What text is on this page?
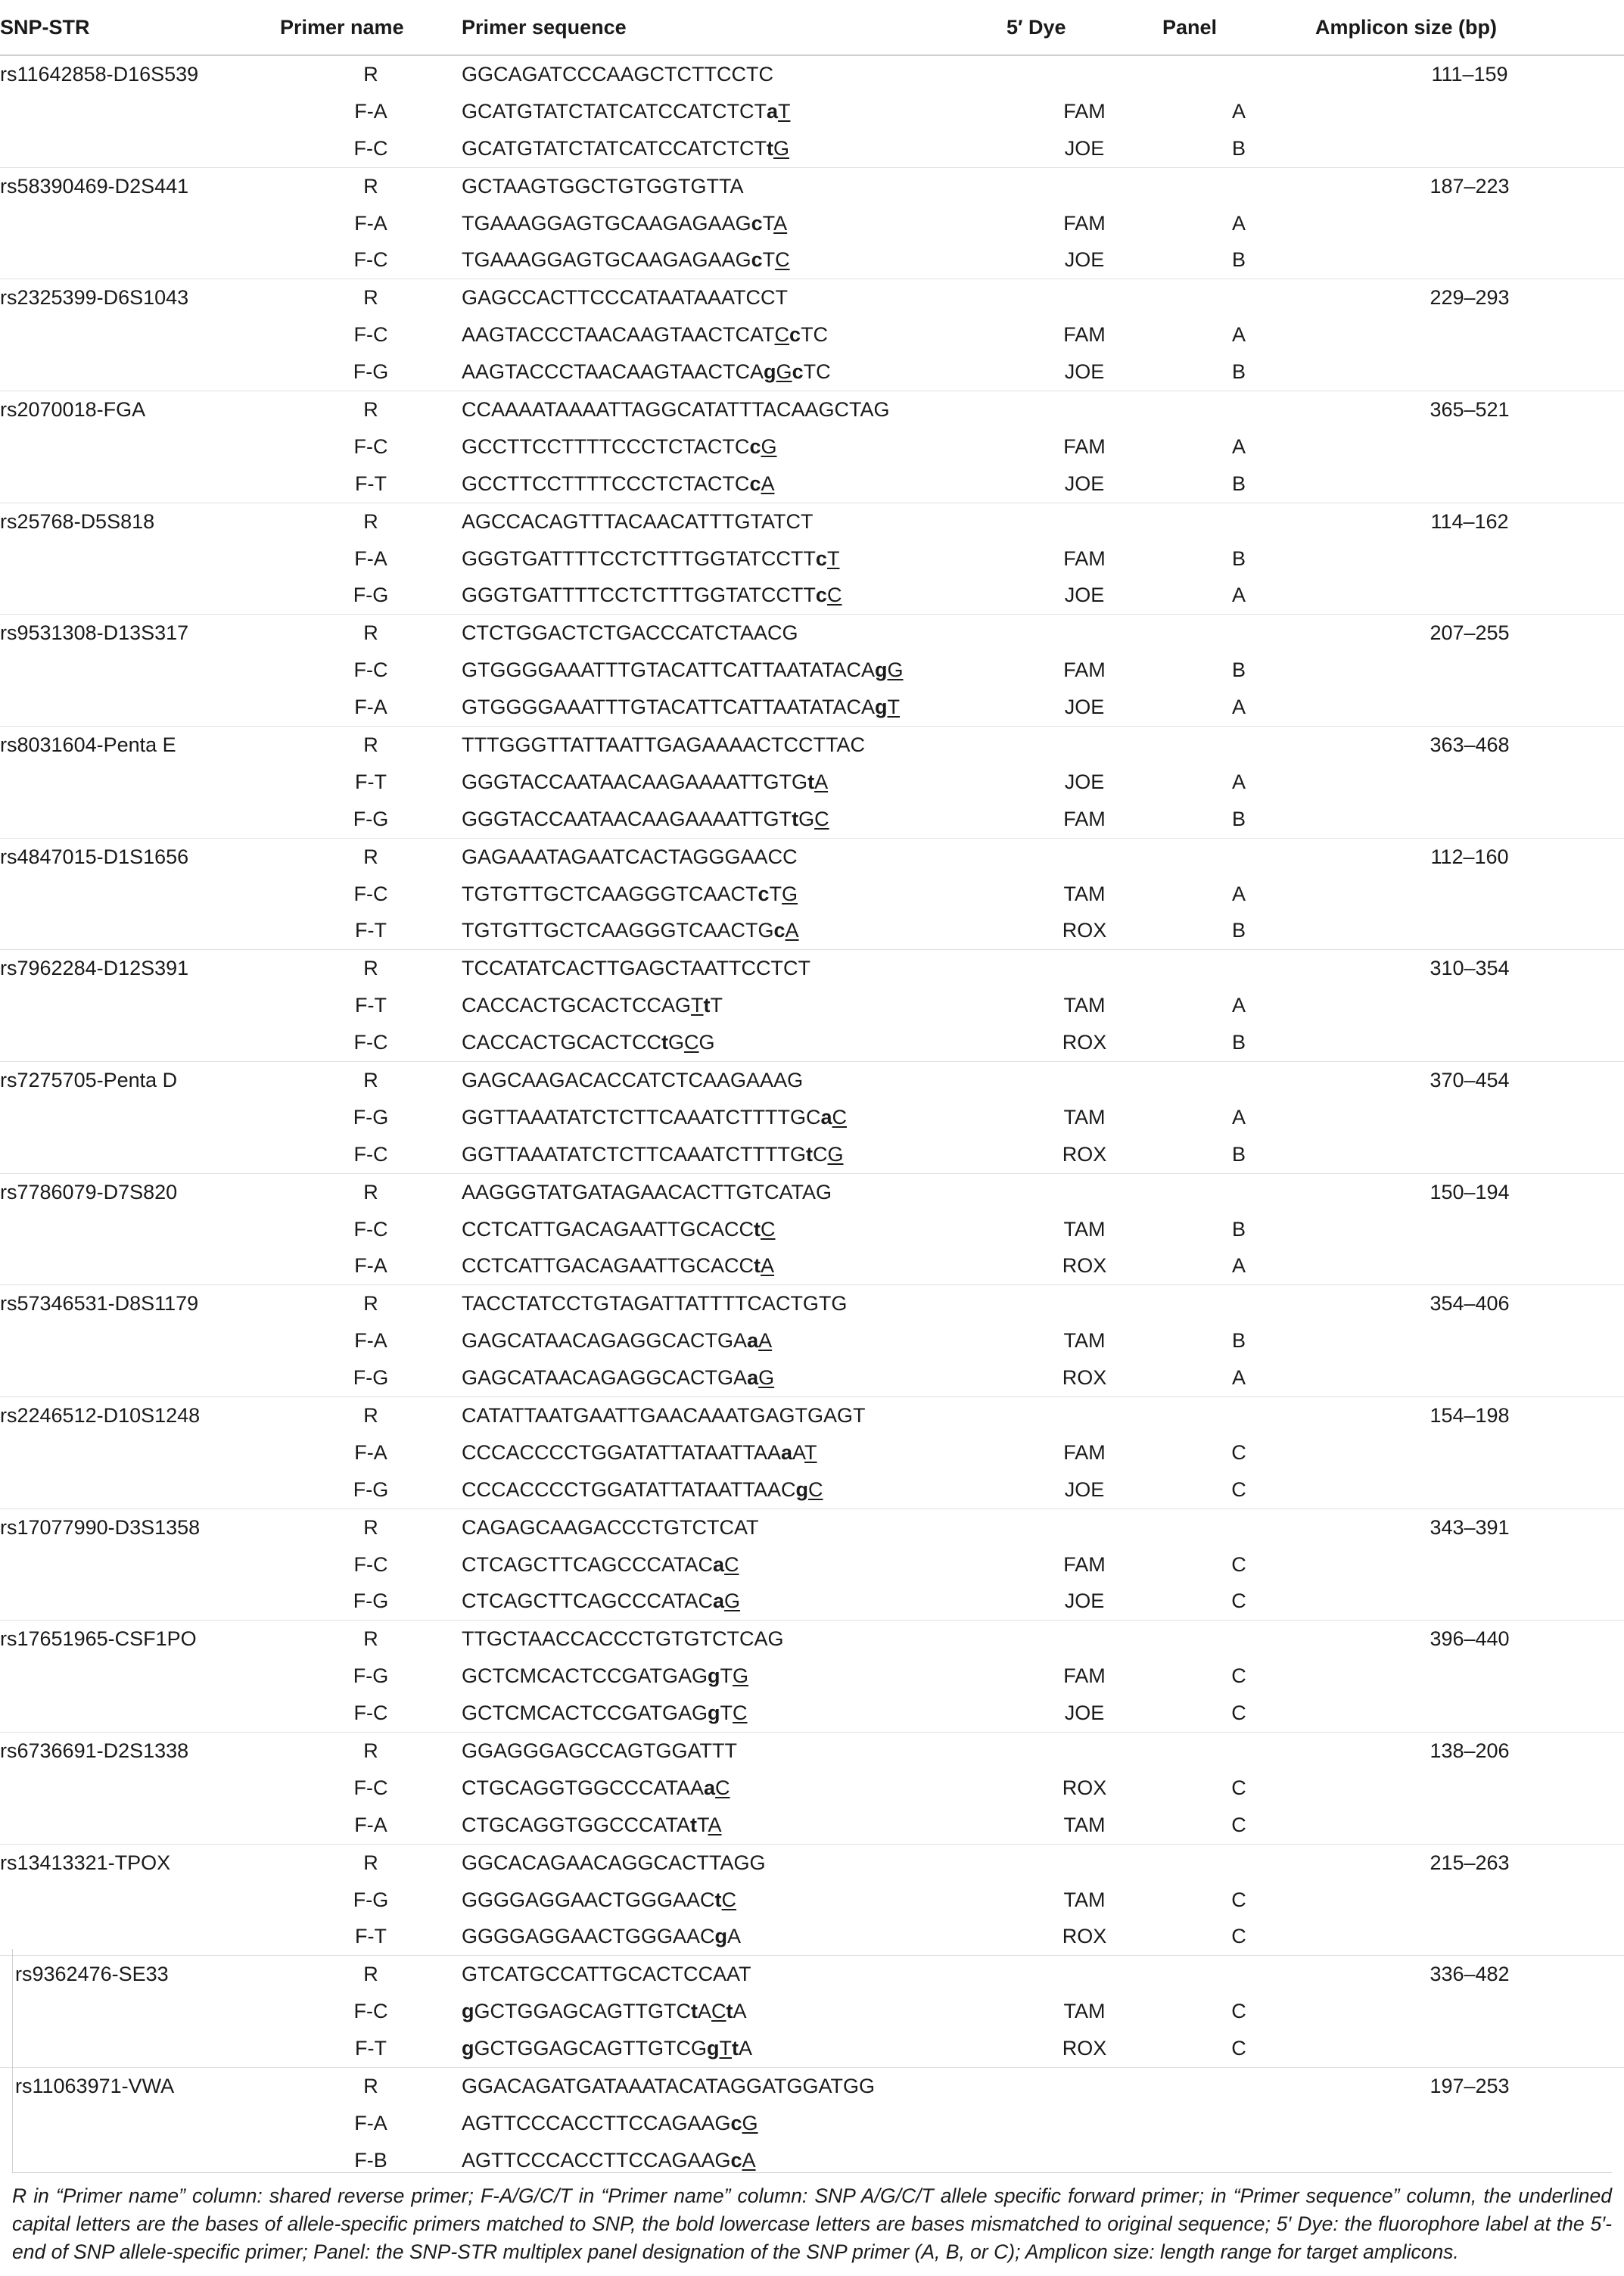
SNP-STR	Primer name	Primer sequence	5′ Dye	Panel	Amplicon size (bp)
rs11642858-D16S539	R	GGCAGATCCCAAGCTCTTCCTC			111–159
	F-A	GCATGTATCTATCATCCATCTCTaT	FAM	A	
	F-C	GCATGTATCTATCATCCATCTCTtG	JOE	B	
rs58390469-D2S441	R	GCTAAGTGGCTGTGGTGTTA			187–223
	F-A	TGAAAGGAGTGCAAGAGAAGcTA	FAM	A	
	F-C	TGAAAGGAGTGCAAGAGAAGcTC	JOE	B	
rs2325399-D6S1043	R	GAGCCACTTCCCATAATAAATCCT			229–293
	F-C	AAGTACCCTAACAAGTAACTCATCcTC	FAM	A	
	F-G	AAGTACCCTAACAAGTAACTCAgGcTC	JOE	B	
rs2070018-FGA	R	CCAAAATAAAATTAGGCATATTTACAAGCTAG			365–521
	F-C	GCCTTCCTTTTCCCTCTACTCcG	FAM	A	
	F-T	GCCTTCCTTTTCCCTCTACTCcA	JOE	B	
rs25768-D5S818	R	AGCCACAGTTTACAACATTTGTATCT			114–162
	F-A	GGGTGATTTTCCTCTTTGGTATCCTTcT	FAM	B	
	F-G	GGGTGATTTTCCTCTTTGGTATCCTTcC	JOE	A	
rs9531308-D13S317	R	CTCTGGACTCTGACCCATCTAACG			207–255
	F-C	GTGGGGAAATTTGTACATTCATTAATATACAgG	FAM	B	
	F-A	GTGGGGAAATTTGTACATTCATTAATATACAgT	JOE	A	
rs8031604-Penta E	R	TTTGGGTTATTAATTGAGAAAACTCCTTAC			363–468
	F-T	GGGTACCAATAACAAGAAAATTGTGtA	JOE	A	
	F-G	GGGTACCAATAACAAGAAAATTGTtGC	FAM	B	
rs4847015-D1S1656	R	GAGAAATAGAATCACTAGGGAACC			112–160
	F-C	TGTGTTGCTCAAGGGTCAACTcTG	TAM	A	
	F-T	TGTGTTGCTCAAGGGTCAACTGcA	ROX	B	
rs7962284-D12S391	R	TCCATATCACTTGAGCTAATTCCTCT			310–354
	F-T	CACCACTGCACTCCAGTtT	TAM	A	
	F-C	CACCACTGCACTCCtGCG	ROX	B	
rs7275705-Penta D	R	GAGCAAGACACCATCTCAAGAAAG			370–454
	F-G	GGTTAAATATCTCTTCAAATCTTTTGCaC	TAM	A	
	F-C	GGTTAAATATCTCTTCAAATCTTTTGtCG	ROX	B	
rs7786079-D7S820	R	AAGGGTATGATAGAACACTTGTCATAG			150–194
	F-C	CCTCATTGACAGAATTGCACCtC	TAM	B	
	F-A	CCTCATTGACAGAATTGCACCtA	ROX	A	
rs57346531-D8S1179	R	TACCTATCCTGTAGATTATTTTCACTGTG			354–406
	F-A	GAGCATAACAGAGGCACTGAaA	TAM	B	
	F-G	GAGCATAACAGAGGCACTGAaG	ROX	A	
rs2246512-D10S1248	R	CATATTAATGAATTGAACAAATGAGTGAGT			154–198
	F-A	CCCACCCCTGGATATTATAATTAAaAT	FAM	C	
	F-G	CCCACCCCTGGATATTATAATTAACgC	JOE	C	
rs17077990-D3S1358	R	CAGAGCAAGACCCTGTCTCAT			343–391
	F-C	CTCAGCTTCAGCCCATACaC	FAM	C	
	F-G	CTCAGCTTCAGCCCATACaG	JOE	C	
rs17651965-CSF1PO	R	TTGCTAACCACCCTGTGTCTCAG			396–440
	F-G	GCTCMCACTCCGATGAGgTG	FAM	C	
	F-C	GCTCMCACTCCGATGAGgTC	JOE	C	
rs6736691-D2S1338	R	GGAGGGAGCCAGTGGATTT			138–206
	F-C	CTGCAGGTGGCCCATAAaC	ROX	C	
	F-A	CTGCAGGTGGCCCATAtTA	TAM	C	
rs13413321-TPOX	R	GGCACAGAACAGGCACTTAGG			215–263
	F-G	GGGGAGGAACTGGGAACtC	TAM	C	
	F-T	GGGGAGGAACTGGGAACgA	ROX	C	
rs9362476-SE33	R	GTCATGCCATTGCACTCCAAT			336–482
	F-C	gGCTGGAGCAGTTGTCtACtA	TAM	C	
	F-T	gGCTGGAGCAGTTGTCGgTtA	ROX	C	
rs11063971-VWA	R	GGACAGATGATAAATACATAGGATGGATGG			197–253
	F-A	AGTTCCCACCTTCCAGAAGcG			
	F-B	AGTTCCCACCTTCCAGAAGcA			
R in “Primer name” column: shared reverse primer; F-A/G/C/T in “Primer name” column: SNP A/G/C/T allele specific forward primer; in “Primer sequence” column, the underlined capital letters are the bases of allele-specific primers matched to SNP, the bold lowercase letters are bases mismatched to original sequence; 5′ Dye: the fluorophore label at the 5′-end of SNP allele-specific primer; Panel: the SNP-STR multiplex panel designation of the SNP primer (A, B, or C); Amplicon size: length range for target amplicons.
